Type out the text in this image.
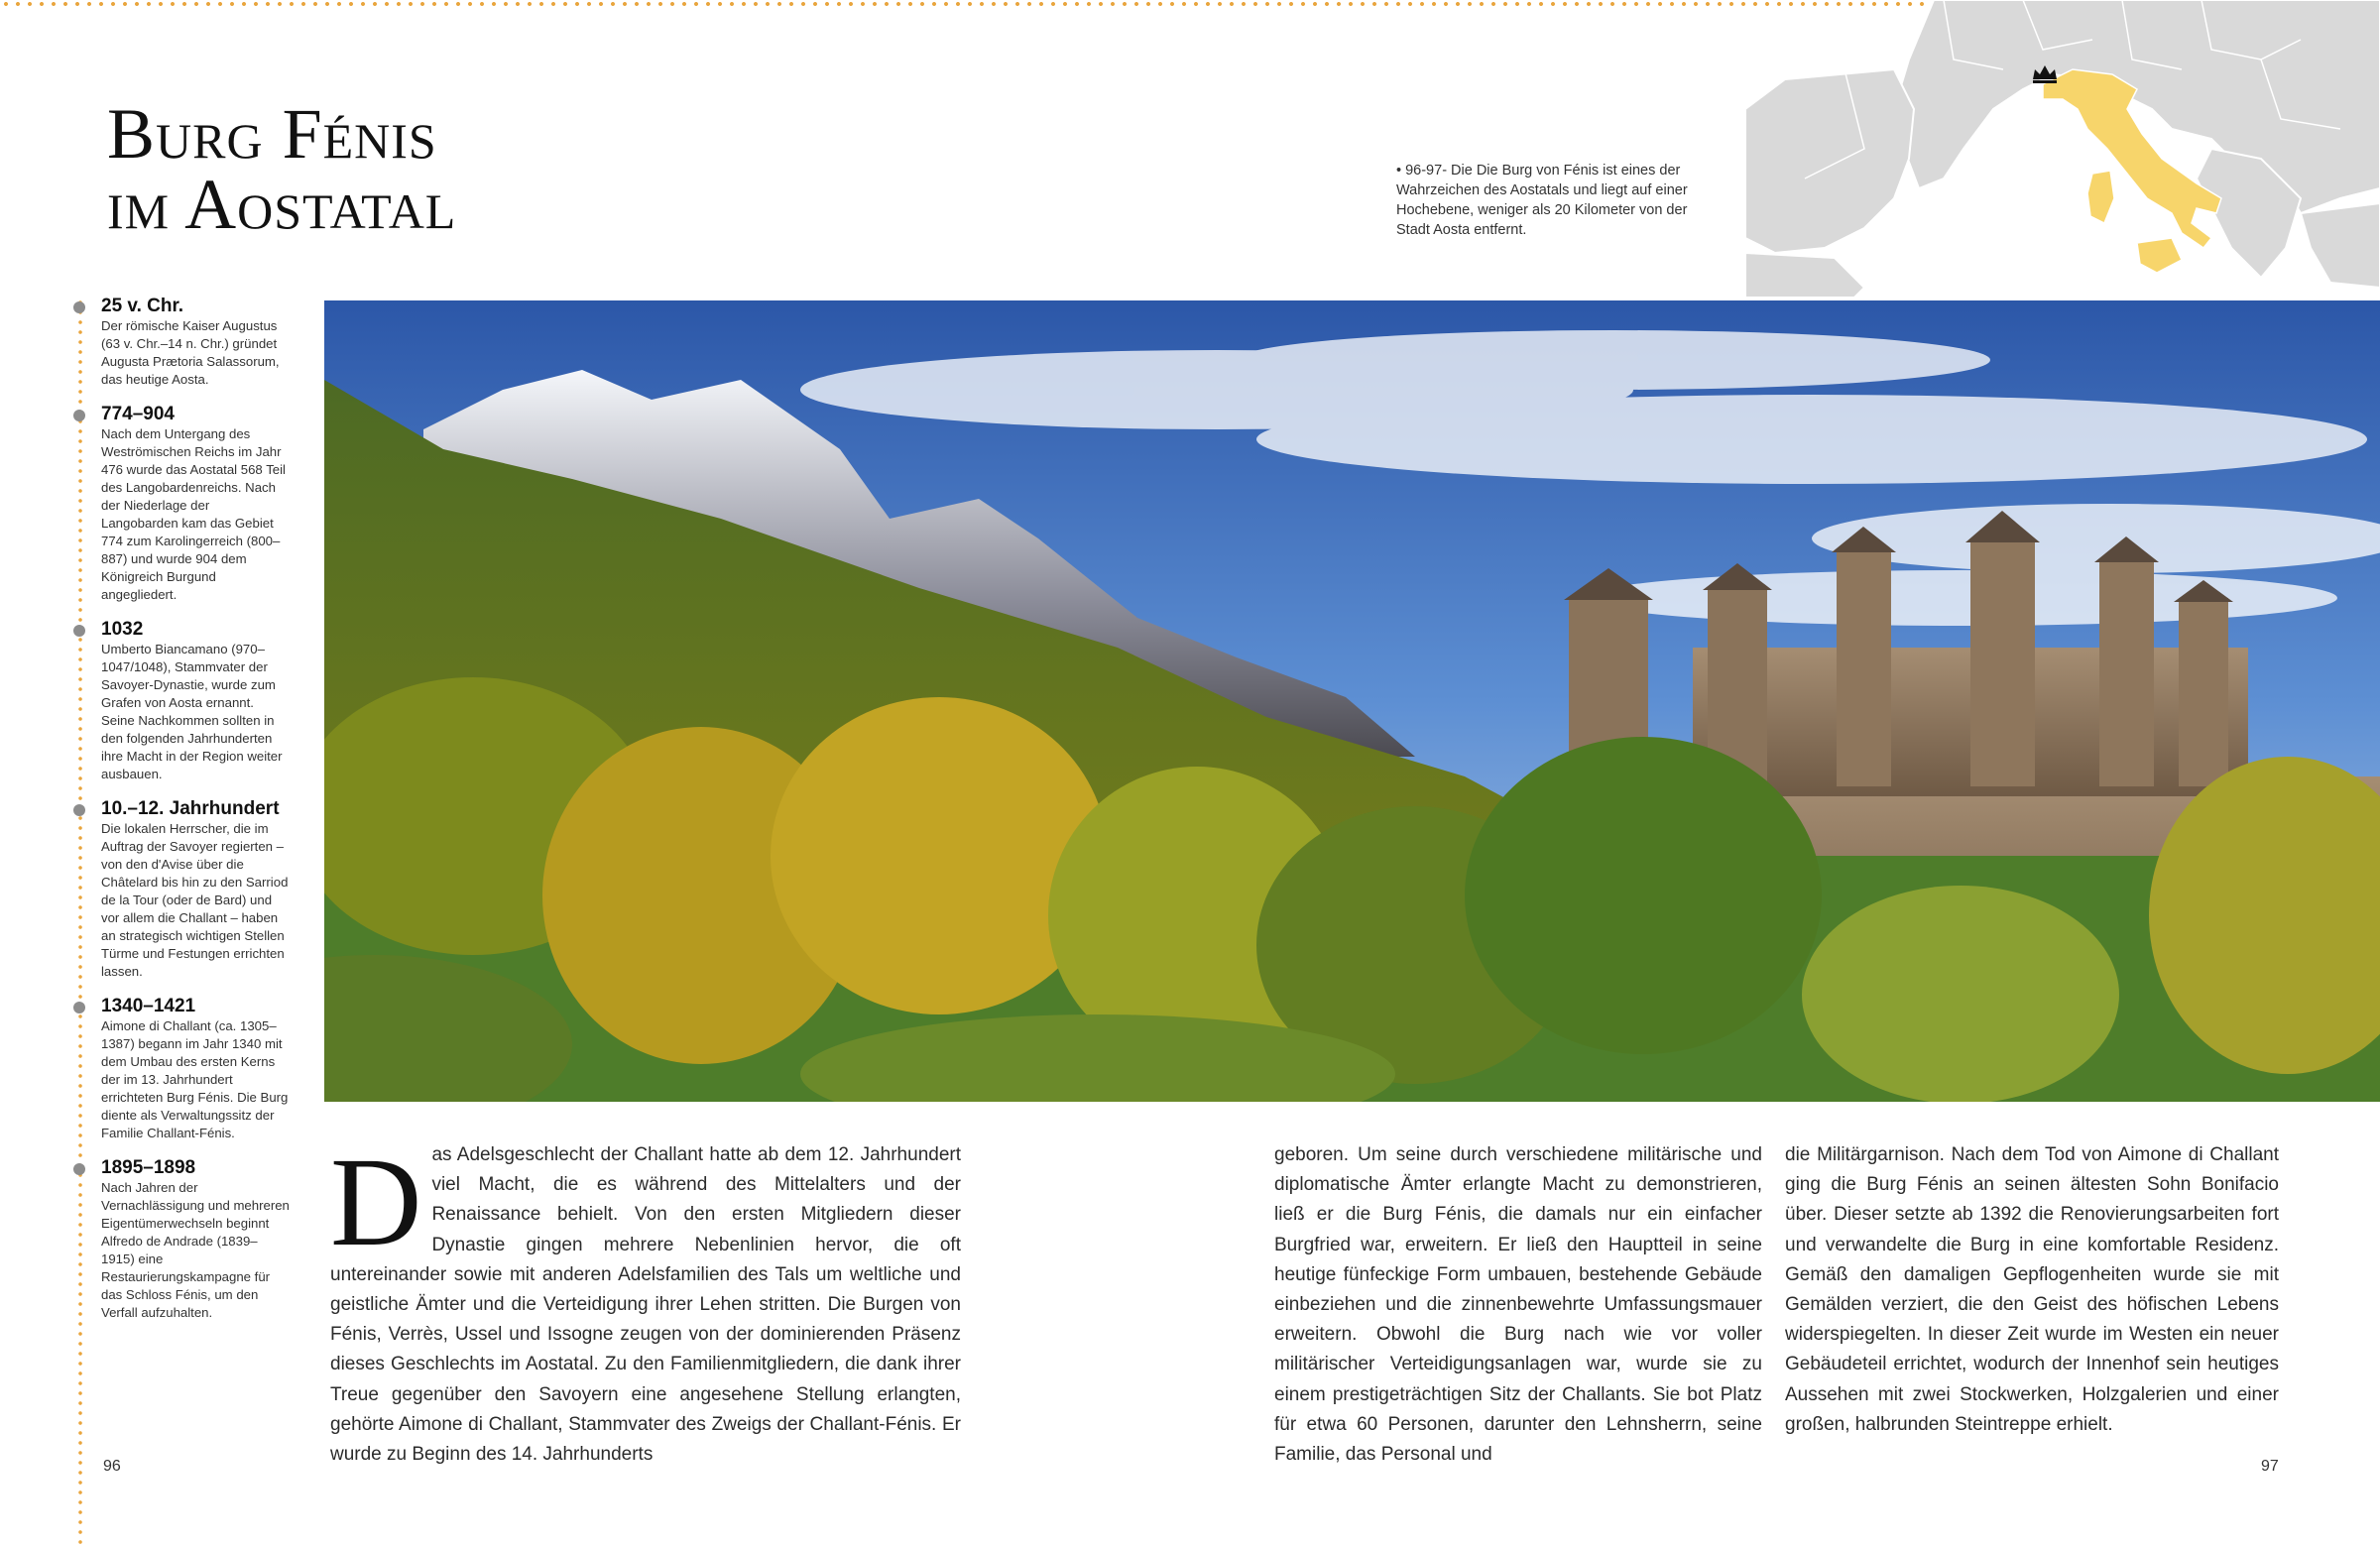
Burg Fénis
im Aostatal	• 96-97- Die Die Burg von Fénis ist eines der Wahrzeichen des Aostatals und liegt auf einer Hochebene, weniger als 20 Kilometer von der Stadt Aosta entfernt.
25 v. Chr.
Der römische Kaiser Augustus (63 v. Chr.–14 n. Chr.) gründet Augusta Prætoria Salassorum, das heutige Aosta.
774–904
Nach dem Untergang des Weströmischen Reichs im Jahr 476 wurde das Aostatal 568 Teil des Langobardenreichs. Nach der Niederlage der Langobarden kam das Gebiet 774 zum Karolingerreich (800–887) und wurde 904 dem Königreich Burgund angegliedert.
1032
Umberto Biancamano (970–1047/1048), Stammvater der Savoyer-Dynastie, wurde zum Grafen von Aosta ernannt. Seine Nachkommen sollten in den folgenden Jahrhunderten ihre Macht in der Region weiter ausbauen.
10.–12. Jahrhundert
Die lokalen Herrscher, die im Auftrag der Savoyer regierten – von den d'Avise über die Châtelard bis hin zu den Sarriod de la Tour (oder de Bard) und vor allem die Challant – haben an strategisch wichtigen Stellen Türme und Festungen errichten lassen.
1340–1421
Aimone di Challant (ca. 1305–1387) begann im Jahr 1340 mit dem Umbau des ersten Kerns der im 13. Jahrhundert errichteten Burg Fénis. Die Burg diente als Verwaltungssitz der Familie Challant-Fénis.
1895–1898
Nach Jahren der Vernachlässigung und mehreren Eigentümerwechseln beginnt Alfredo de Andrade (1839–1915) eine Restaurierungskampagne für das Schloss Fénis, um den Verfall aufzuhalten.
Das Adelsgeschlecht der Challant hatte ab dem 12. Jahrhundert viel Macht, die es während des Mittelalters und der Renaissance behielt. Von den ersten Mitgliedern dieser Dynastie gingen mehrere Nebenlinien hervor, die oft untereinander sowie mit anderen Adelsfamilien des Tals um weltliche und geistliche Ämter und die Verteidigung ihrer Lehen stritten. Die Burgen von Fénis, Verrès, Ussel und Issogne zeugen von der dominierenden Präsenz dieses Geschlechts im Aostatal. Zu den Familienmitgliedern, die dank ihrer Treue gegenüber den Savoyern eine angesehene Stellung erlangten, gehörte Aimone di Challant, Stammvater des Zweigs der Challant-Fénis. Er wurde zu Beginn des 14. Jahrhunderts
geboren. Um seine durch verschiedene militärische und diplomatische Ämter erlangte Macht zu demonstrieren, ließ er die Burg Fénis, die damals nur ein einfacher Burgfried war, erweitern. Er ließ den Hauptteil in seine heutige fünfeckige Form umbauen, bestehende Gebäude einbeziehen und die zinnenbewehrte Umfassungsmauer erweitern. Obwohl die Burg nach wie vor voller militärischer Verteidigungsanlagen war, wurde sie zu einem prestigeträchtigen Sitz der Challants. Sie bot Platz für etwa 60 Personen, darunter den Lehnsherrn, seine Familie, das Personal und
die Militärgarnison. Nach dem Tod von Aimone di Challant ging die Burg Fénis an seinen ältesten Sohn Bonifacio über. Dieser setzte ab 1392 die Renovierungsarbeiten fort und verwandelte die Burg in eine komfortable Residenz. Gemäß den damaligen Gepflogenheiten wurde sie mit Gemälden verziert, die den Geist des höfischen Lebens widerspiegelten. In dieser Zeit wurde im Westen ein neuer Gebäudeteil errichtet, wodurch der Innenhof sein heutiges Aussehen mit zwei Stockwerken, Holzgalerien und einer großen, halbrunden Steintreppe erhielt.
96	97
